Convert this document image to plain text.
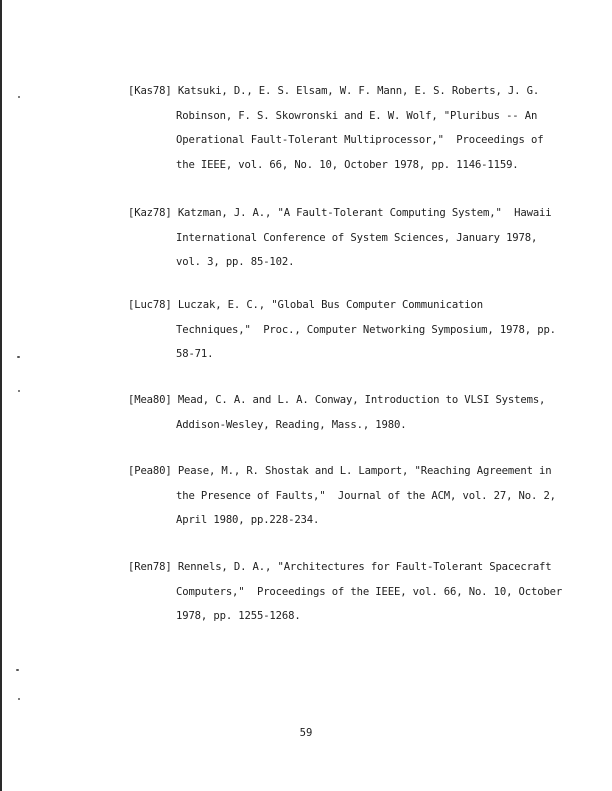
[Kas78] Katsuki, D., E. S. Elsam, W. F. Mann, E. S. Roberts, J. G.
Robinson, F. S. Skowronski and E. W. Wolf, "Pluribus -- An
Operational Fault-Tolerant Multiprocessor,"  Proceedings of
the IEEE, vol. 66, No. 10, October 1978, pp. 1146-1159.
[Kaz78] Katzman, J. A., "A Fault-Tolerant Computing System,"  Hawaii
International Conference of System Sciences, January 1978,
vol. 3, pp. 85-102.
[Luc78] Luczak, E. C., "Global Bus Computer Communication
Techniques,"  Proc., Computer Networking Symposium, 1978, pp.
58-71.
[Mea80] Mead, C. A. and L. A. Conway, Introduction to VLSI Systems,
Addison-Wesley, Reading, Mass., 1980.
[Pea80] Pease, M., R. Shostak and L. Lamport, "Reaching Agreement in
the Presence of Faults,"  Journal of the ACM, vol. 27, No. 2,
April 1980, pp.228-234.
[Ren78] Rennels, D. A., "Architectures for Fault-Tolerant Spacecraft
Computers,"  Proceedings of the IEEE, vol. 66, No. 10, October
1978, pp. 1255-1268.
59
